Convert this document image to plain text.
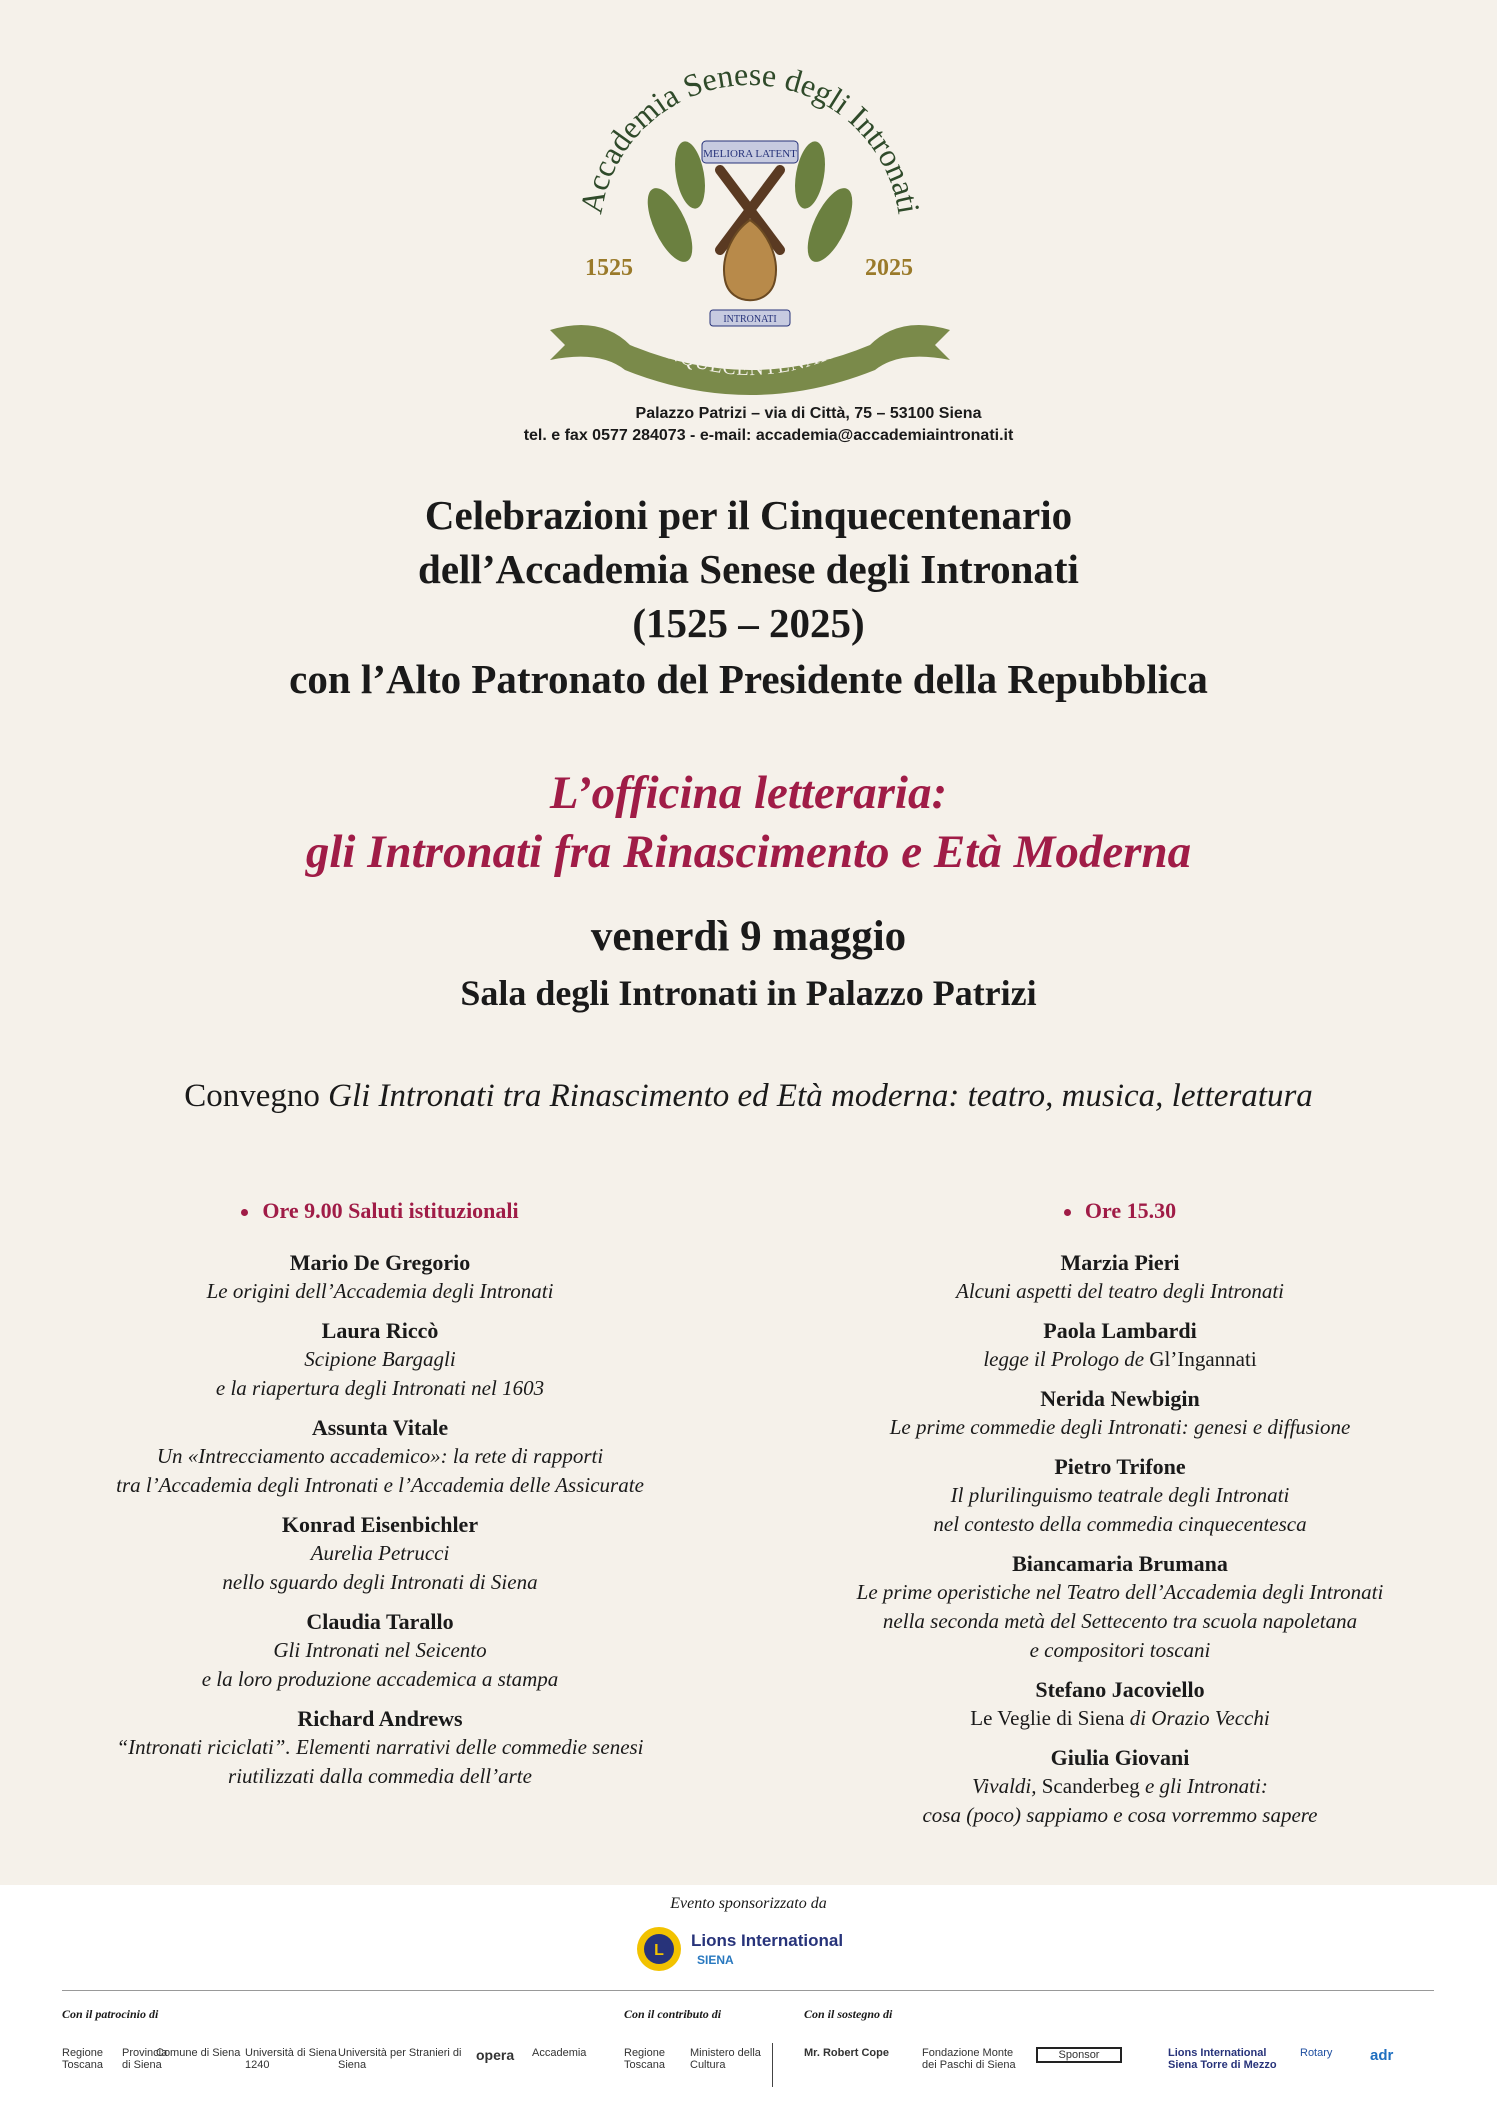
Accademia Senese degli Intronati
MELIORA LATENT
INTRONATI
1525	2025
CINQUECENTENARIO
Palazzo Patrizi – via di Città, 75 – 53100 Siena
tel. e fax 0577 284073 - e-mail: accademia@accademiaintronati.it
Celebrazioni per il Cinquecentenario
dell’Accademia Senese degli Intronati
(1525 – 2025)
con l’Alto Patronato del Presidente della Repubblica
L’officina letteraria:
gli Intronati fra Rinascimento e Età Moderna
venerdì 9 maggio
Sala degli Intronati in Palazzo Patrizi
Convegno Gli Intronati tra Rinascimento ed Età moderna: teatro, musica, letteratura
Ore 9.00 Saluti istituzionali
Mario De Gregorio
Le origini dell’Accademia degli Intronati
Laura Riccò
Scipione Bargagli
e la riapertura degli Intronati nel 1603
Assunta Vitale
Un «Intrecciamento accademico»: la rete di rapporti
tra l’Accademia degli Intronati e l’Accademia delle Assicurate
Konrad Eisenbichler
Aurelia Petrucci
nello sguardo degli Intronati di Siena
Claudia Tarallo
Gli Intronati nel Seicento
e la loro produzione accademica a stampa
Richard Andrews
“Intronati riciclati”. Elementi narrativi delle commedie senesi
riutilizzati dalla commedia dell’arte
Ore 15.30
Marzia Pieri
Alcuni aspetti del teatro degli Intronati
Paola Lambardi
legge il Prologo de Gl’Ingannati
Nerida Newbigin
Le prime commedie degli Intronati: genesi e diffusione
Pietro Trifone
Il plurilinguismo teatrale degli Intronati
nel contesto della commedia cinquecentesca
Biancamaria Brumana
Le prime operistiche nel Teatro dell’Accademia degli Intronati
nella seconda metà del Settecento tra scuola napoletana
e compositori toscani
Stefano Jacoviello
Le Veglie di Siena di Orazio Vecchi
Giulia Giovani
Vivaldi, Scanderbeg e gli Intronati:
cosa (poco) sappiamo e cosa vorremmo sapere
Evento sponsorizzato da
L
Lions International
SIENA
Con il patrocinio di	Con il contributo di	Con il sostegno di
Regione Toscana
Provincia di Siena
Comune di Siena Università di Siena 1240
Università per Stranieri di Siena
opera	Accademia	Regione Toscana
Ministero della Cultura
Mr. Robert Cope	Fondazione Monte dei Paschi di Siena
Sponsor	Lions International Siena Torre di Mezzo
Rotary	adr
